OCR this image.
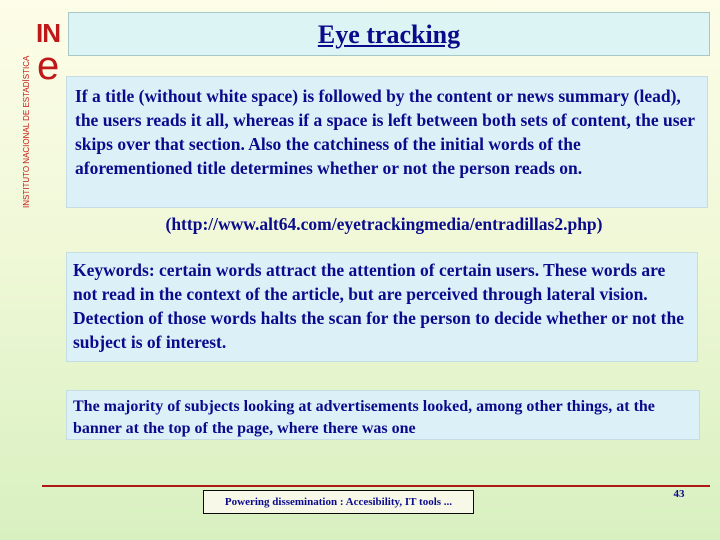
IN
e
INSTITUTO NACIONAL DE ESTADÍSTICA
Eye tracking
If a title (without white space) is followed by the content or news summary (lead), the users reads it all, whereas if a space is left between both sets of content, the user skips over that section. Also the catchiness of the initial words of the aforementioned title determines whether or not the person reads on.
(http://www.alt64.com/eyetrackingmedia/entradillas2.php)
Keywords: certain words attract the attention of certain users. These words are not read in the context of the article, but are perceived through lateral vision. Detection of those words halts the scan for the person to decide whether or not the subject is of interest.
The majority of subjects looking at advertisements looked, among other things, at the banner at the top of the page, where there was one
Powering dissemination : Accesibility, IT tools ...
43
